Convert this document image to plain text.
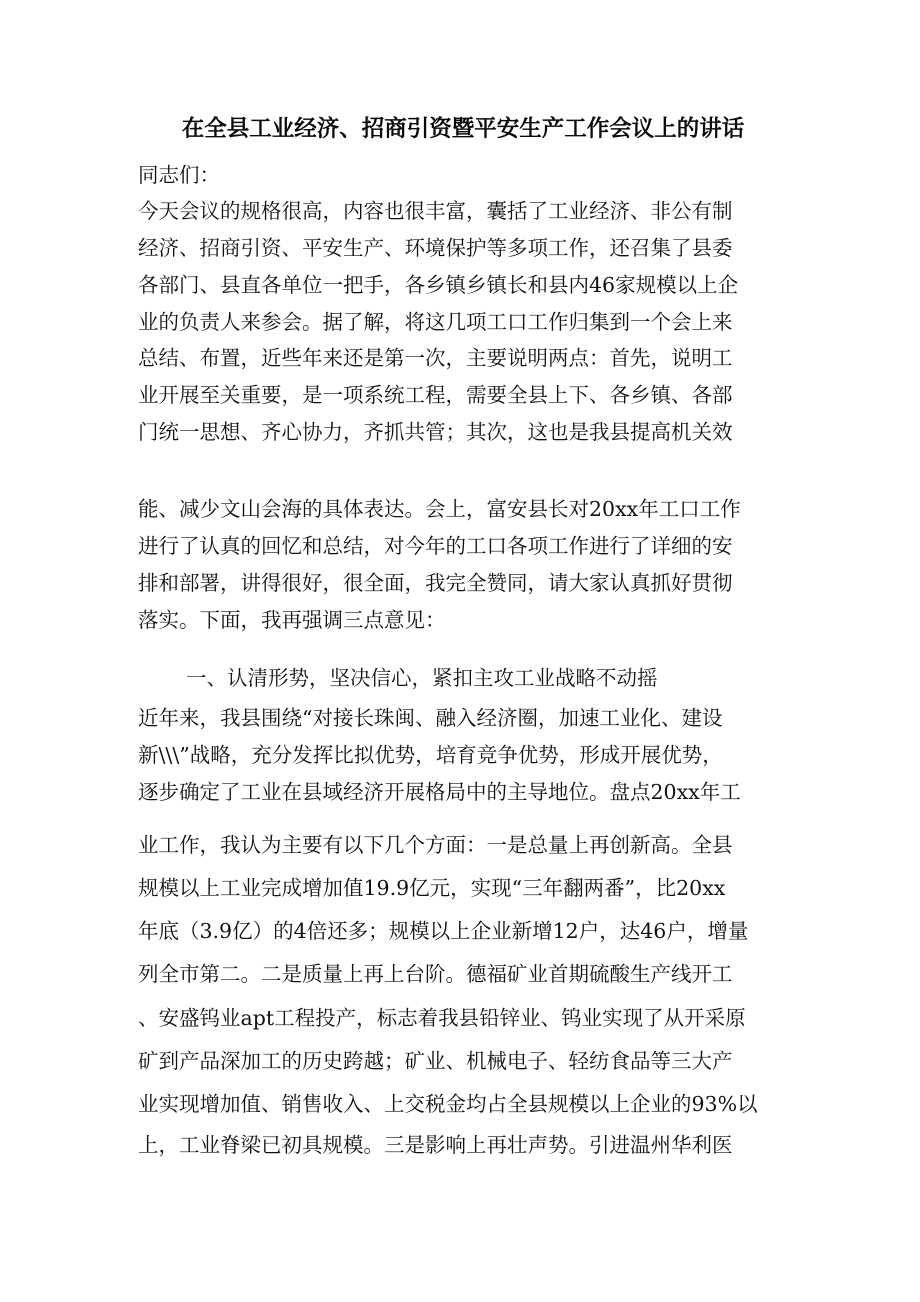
在全县工业经济、招商引资暨平安生产工作会议上的讲话
同志们：
今天会议的规格很高，内容也很丰富，囊括了工业经济、非公有制
经济、招商引资、平安生产、环境保护等多项工作，还召集了县委
各部门、县直各单位一把手，各乡镇乡镇长和县内46家规模以上企
业的负责人来参会。据了解，将这几项工口工作归集到一个会上来
总结、布置，近些年来还是第一次，主要说明两点：首先，说明工
业开展至关重要，是一项系统工程，需要全县上下、各乡镇、各部
门统一思想、齐心协力，齐抓共管；其次，这也是我县提高机关效
能、减少文山会海的具体表达。会上，富安县长对20xx年工口工作
进行了认真的回忆和总结，对今年的工口各项工作进行了详细的安
排和部署，讲得很好，很全面，我完全赞同，请大家认真抓好贯彻
落实。下面，我再强调三点意见：
一、认清形势，坚决信心，紧扣主攻工业战略不动摇
近年来，我县围绕“对接长珠闽、融入经济圈，加速工业化、建设
新\\\”战略，充分发挥比拟优势，培育竞争优势，形成开展优势，
逐步确定了工业在县域经济开展格局中的主导地位。盘点20xx年工
业工作，我认为主要有以下几个方面：一是总量上再创新高。全县
规模以上工业完成增加值19.9亿元，实现“三年翻两番”，比20xx
年底（3.9亿）的4倍还多；规模以上企业新增12户，达46户，增量
列全市第二。二是质量上再上台阶。德福矿业首期硫酸生产线开工
、安盛钨业apt工程投产，标志着我县铅锌业、钨业实现了从开采原
矿到产品深加工的历史跨越；矿业、机械电子、轻纺食品等三大产
业实现增加值、销售收入、上交税金均占全县规模以上企业的93%以
上，工业脊梁已初具规模。三是影响上再壮声势。引进温州华利医
